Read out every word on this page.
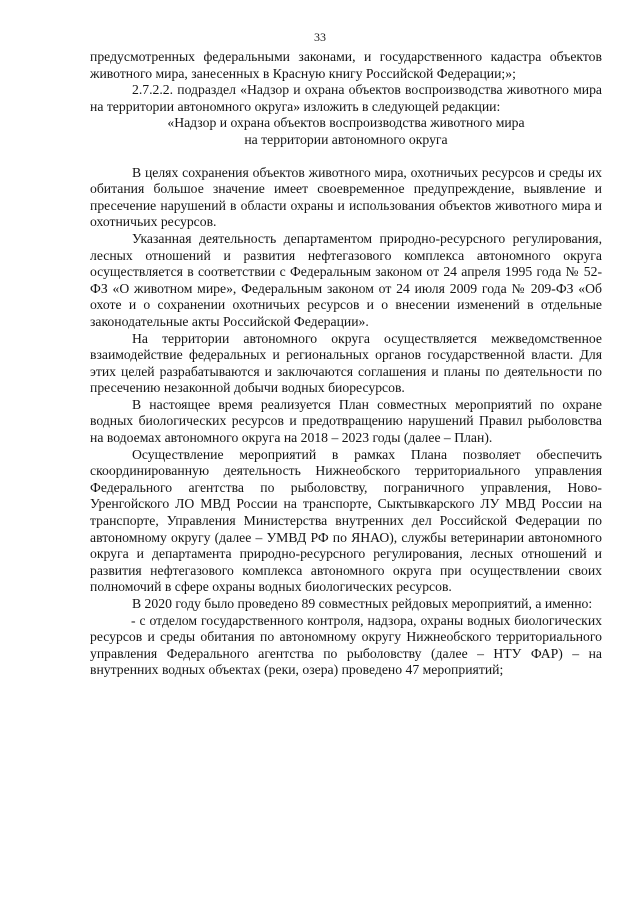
33

предусмотренных федеральными законами, и государственного кадастра объектов животного мира, занесенных в Красную книгу Российской Федерации;»;

2.7.2.2. подраздел «Надзор и охрана объектов воспроизводства животного мира на территории автономного округа» изложить в следующей редакции:

«Надзор и охрана объектов воспроизводства животного мира

на территории автономного округа

В целях сохранения объектов животного мира, охотничьих ресурсов и среды их обитания большое значение имеет своевременное предупреждение, выявление и пресечение нарушений в области охраны и использования объектов животного мира и охотничьих ресурсов.

Указанная деятельность департаментом природно-ресурсного регулирования, лесных отношений и развития нефтегазового комплекса автономного округа осуществляется в соответствии с Федеральным законом от 24 апреля 1995 года № 52-ФЗ «О животном мире», Федеральным законом от 24 июля 2009 года № 209-ФЗ «Об охоте и о сохранении охотничьих ресурсов и о внесении изменений в отдельные законодательные акты Российской Федерации».

На территории автономного округа осуществляется межведомственное взаимодействие федеральных и региональных органов государственной власти. Для этих целей разрабатываются и заключаются соглашения и планы по деятельности по пресечению незаконной добычи водных биоресурсов.

В настоящее время реализуется План совместных мероприятий по охране водных биологических ресурсов и предотвращению нарушений Правил рыболовства на водоемах автономного округа на 2018 – 2023 годы (далее – План).

Осуществление мероприятий в рамках Плана позволяет обеспечить скоординированную деятельность Нижнеобского территориального управления Федерального агентства по рыболовству, пограничного управления, Ново-Уренгойского ЛО МВД России на транспорте, Сыктывкарского ЛУ МВД России на транспорте, Управления Министерства внутренних дел Российской Федерации по автономному округу (далее – УМВД РФ по ЯНАО), службы ветеринарии автономного округа и департамента природно-ресурсного регулирования, лесных отношений и развития нефтегазового комплекса автономного округа при осуществлении своих полномочий в сфере охраны водных биологических ресурсов.

В 2020 году было проведено 89 совместных рейдовых мероприятий, а именно:

- с отделом государственного контроля, надзора, охраны водных биологических ресурсов и среды обитания по автономному округу Нижнеобского территориального управления Федерального агентства по рыболовству (далее – НТУ ФАР) – на внутренних водных объектах (реки, озера) проведено 47 мероприятий;
